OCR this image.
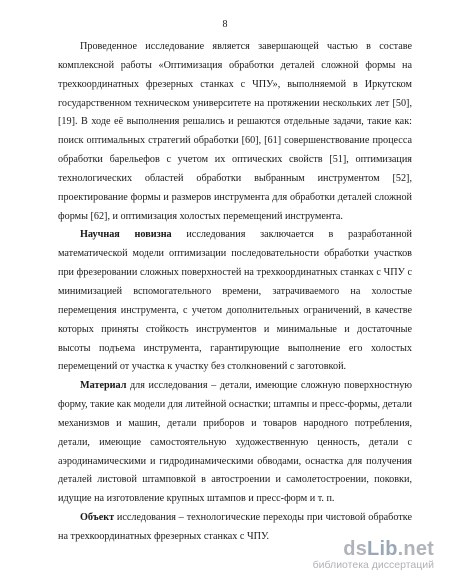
8

Проведенное исследование является завершающей частью в составе комплексной работы «Оптимизация обработки деталей сложной формы на трехкоординатных фрезерных станках с ЧПУ», выполняемой в Иркутском государственном техническом университете на протяжении нескольких лет [50], [19]. В ходе её выполнения решались и решаются отдельные задачи, такие как: поиск оптимальных стратегий обработки [60], [61] совершенствование процесса обработки барельефов с учетом их оптических свойств [51], оптимизация технологических областей обработки выбранным инструментом [52], проектирование формы и размеров инструмента для обработки деталей сложной формы [62], и оптимизация холостых перемещений инструмента.

Научная новизна исследования заключается в разработанной математической модели оптимизации последовательности обработки участков при фрезеровании сложных поверхностей на трехкоординатных станках с ЧПУ с минимизацией вспомогательного времени, затрачиваемого на холостые перемещения инструмента, с учетом дополнительных ограничений, в качестве которых приняты стойкость инструментов и минимальные и достаточные высоты подъема инструмента, гарантирующие выполнение его холостых перемещений от участка к участку без столкновений с заготовкой.

Материал для исследования – детали, имеющие сложную поверхностную форму, такие как модели для литейной оснастки; штампы и пресс-формы, детали механизмов и машин, детали приборов и товаров народного потребления, детали, имеющие самостоятельную художественную ценность, детали с аэродинамическими и гидродинамическими обводами, оснастка для получения деталей листовой штамповкой в автостроении и самолетостроении, поковки, идущие на изготовление крупных штампов и пресс-форм и т. п.

Объект исследования – технологические переходы при чистовой обработке на трехкоординатных фрезерных станках с ЧПУ.

dsLib.net
библиотека диссертаций
